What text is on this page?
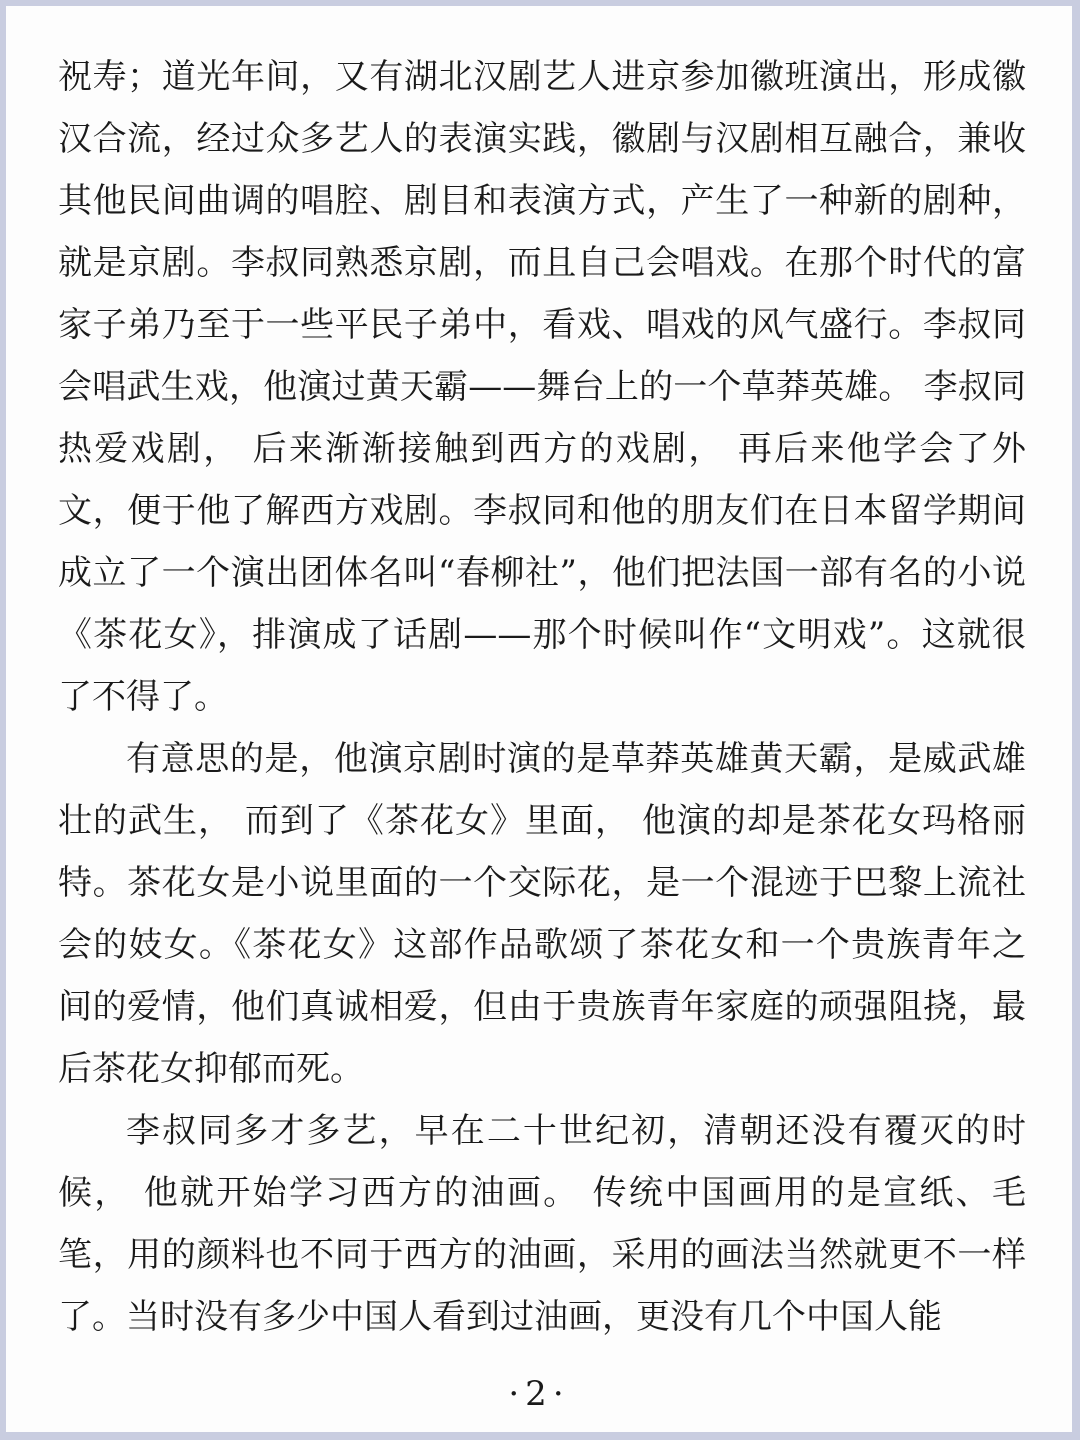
祝寿；道光年间，又有湖北汉剧艺人进京参加徽班演出，形成徽汉合流，经过众多艺人的表演实践，徽剧与汉剧相互融合，兼收其他民间曲调的唱腔、剧目和表演方式，产生了一种新的剧种，就是京剧。李叔同熟悉京剧，而且自己会唱戏。在那个时代的富家子弟乃至于一些平民子弟中，看戏、唱戏的风气盛行。李叔同会唱武生戏，他演过黄天霸——舞台上的一个草莽英雄。 李叔同热爱戏剧， 后来渐渐接触到西方的戏剧， 再后来他学会了外文，便于他了解西方戏剧。李叔同和他的朋友们在日本留学期间成立了一个演出团体名叫“春柳社”，他们把法国一部有名的小说《茶花女》，排演成了话剧——那个时候叫作“文明戏”。这就很了不得了。

有意思的是，他演京剧时演的是草莽英雄黄天霸，是威武雄壮的武生， 而到了《茶花女》里面， 他演的却是茶花女玛格丽特。茶花女是小说里面的一个交际花，是一个混迹于巴黎上流社会的妓女。《茶花女》这部作品歌颂了茶花女和一个贵族青年之间的爱情，他们真诚相爱，但由于贵族青年家庭的顽强阻挠，最后茶花女抑郁而死。

李叔同多才多艺，早在二十世纪初，清朝还没有覆灭的时候， 他就开始学习西方的油画。 传统中国画用的是宣纸、毛笔，用的颜料也不同于西方的油画，采用的画法当然就更不一样了。当时没有多少中国人看到过油画，更没有几个中国人能

·2·
